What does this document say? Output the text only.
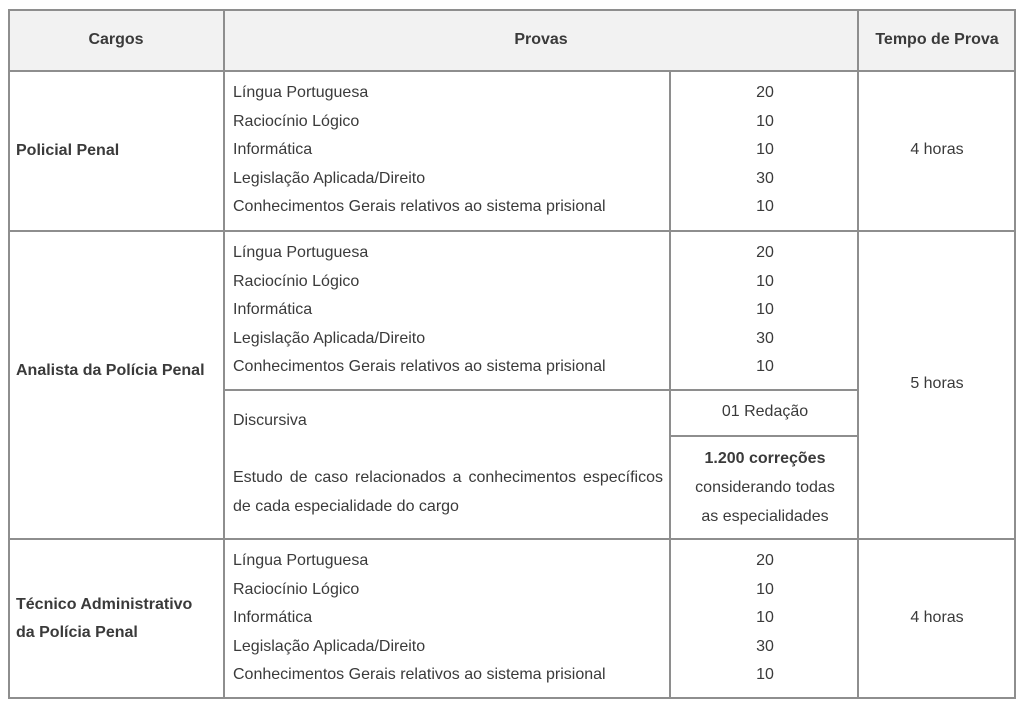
Cargos	Provas	Tempo de Prova
Policial Penal
Língua Portuguesa
Raciocínio Lógico
Informática
Legislação Aplicada/Direito
Conhecimentos Gerais relativos ao sistema prisional
20
10
10
30
10
4 horas
Analista da Polícia Penal
Língua Portuguesa
Raciocínio Lógico
Informática
Legislação Aplicada/Direito
Conhecimentos Gerais relativos ao sistema prisional
20
10
10
30
10
Discursiva
01 Redação
Estudo de caso relacionados a conhecimentos específicos de cada especialidade do cargo
1.200 correções
considerando todas
as especialidades
5 horas
Técnico Administrativo
da Polícia Penal
Língua Portuguesa
Raciocínio Lógico
Informática
Legislação Aplicada/Direito
Conhecimentos Gerais relativos ao sistema prisional
20
10
10
30
10
4 horas
